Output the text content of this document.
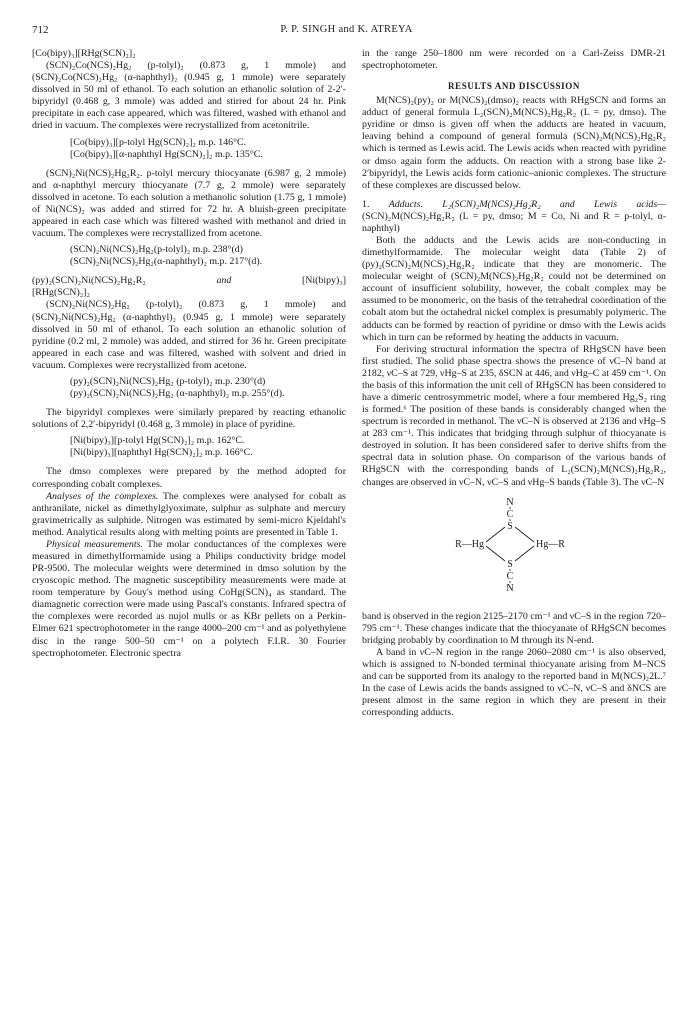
712	P. P. SINGH and K. ATREYA

[Co(bipy)₃][RHg(SCN)₂]₂

(SCN)₂Co(NCS)₂Hg₂ (p-tolyl)₂ (0.873 g, 1 mmole) and (SCN)₂Co(NCS)₂Hg₂ (α-naphthyl)₂ (0.945 g, 1 mmole) were separately dissolved in 50 ml of ethanol. To each solution an ethanolic solution of 2-2′-bipyridyl (0.468 g, 3 mmole) was added and stirred for about 24 hr. Pink precipitate in each case appeared, which was filtered, washed with ethanol and dried in vacuum. The complexes were recrystallized from acetonitrile.

[Co(bipy)₃][p-tolyl Hg(SCN)₂]₂ m.p. 146°C.

[Co(bipy)₃][α-naphthyl Hg(SCN)₂]₂ m.p. 135°C.

(SCN)₂Ni(NCS)₂Hg₂R₂. p-tolyl mercury thiocyanate (6.987 g, 2 mmole) and α-naphthyl mercury thiocyanate (7.7 g, 2 mmole) were separately dissolved in acetone. To each solution a methanolic solution (1.75 g, 1 mmole) of Ni(NCS)₂ was added and stirred for 72 hr. A bluish-green precipitate appeared in each case which was filtered washed with methanol and dried in vacuum. The complexes were recrystallized from acetone.

(SCN)₂Ni(NCS)₂Hg₂(p-tolyl)₂ m.p. 238°(d)

(SCN)₂Ni(NCS)₂Hg₂(α-naphthyl)₂ m.p. 217°(d).

(py)₂(SCN)₂Ni(NCS)₂Hg₂R₂	and	[Ni(bipy)₃]

[RHg(SCN)₂]₂

(SCN)₂Ni(NCS)₂Hg₂ (p-tolyl)₂ (0.873 g, 1 mmole) and (SCN)₂Ni(NCS)₂Hg₂ (α-naphthyl)₂ (0.945 g, 1 mmole) were separately dissolved in 50 ml of ethanol. To each solution an ethanolic solution of pyridine (0.2 ml, 2 mmole) was added, and stirred for 36 hr. Green precipitate appeared in each case and was filtered, washed with solvent and dried in vacuum. Complexes were recrystallized from acetone.

(py)₂(SCN)₂Ni(NCS)₂Hg₂ (p-tolyl)₂ m.p. 230°(d)

(py)₂(SCN)₂Ni(NCS)₂Hg₂ (α-naphthyl)₂ m.p. 255°(d).

The bipyridyl complexes were similarly prepared by reacting ethanolic solutions of 2,2′-bipyridyl (0.468 g, 3 mmole) in place of pyridine.

[Ni(bipy)₃][p-tolyl Hg(SCN)₂]₂ m.p. 162°C.

[Ni(bipy)₃][naphthyl Hg(SCN)₂]₂ m.p. 166°C.

The dmso complexes were prepared by the method adopted for corresponding cobalt complexes.

Analyses of the complexes. The complexes were analysed for cobalt as anthranilate, nickel as dimethylglyoximate, sulphur as sulphate and mercury gravimetrically as sulphide. Nitrogen was estimated by semi-micro Kjeldahl's method. Analytical results along with melting points are presented in Table 1.

Physical measurements. The molar conductances of the complexes were measured in dimethylformamide using a Philips conductivity bridge model PR-9500. The molecular weights were determined in dmso solution by the cryoscopic method. The magnetic susceptibility measurements were made at room temperature by Gouy's method using CoHg(SCN)₄ as standard. The diamagnetic correction were made using Pascal's constants. Infrared spectra of the complexes were recorded as nujol mulls or as KBr pellets on a Perkin-Elmer 621 spectrophotometer in the range 4000–200 cm⁻¹ and as polyethylene disc in the range 500–50 cm⁻¹ on a polytech F.I.R. 30 Fourier spectrophotometer. Electronic spectra

in the range 250–1800 nm were recorded on a Carl-Zeiss DMR-21 spectrophotometer.

RESULTS AND DISCUSSION

M(NCS)₂(py)₂ or M(NCS)₂(dmso)₂ reacts with RHgSCN and forms an adduct of general formula L₂(SCN)₂M(NCS)₂Hg₂R₂ (L = py, dmso). The pyridine or dmso is given off when the adducts are heated in vacuum, leaving behind a compound of general formula (SCN)₂M(NCS)₂Hg₂R₂ which is termed as Lewis acid. The Lewis acids when reacted with pyridine or dmso again form the adducts. On reaction with a strong base like 2-2′bipyridyl, the Lewis acids form cationic–anionic complexes. The structure of these complexes are discussed below.

1. Adducts. L₂(SCN)₂M(NCS)₂Hg₂R₂ and Lewis acids— (SCN)₂M(NCS)₂Hg₂R₂ (L = py, dmso; M = Co, Ni and R = p-tolyl, α-naphthyl)

Both the adducts and the Lewis acids are non-conducting in dimethylformamide. The molecular weight data (Table 2) of (py)₂(SCN)₂M(NCS)₂Hg₂R₂ indicate that they are monomeric. The molecular weight of (SCN)₂M(NCS)₂Hg₂R₂ could not be determined on account of insufficient solubility, however, the cobalt complex may be assumed to be monomeric, on the basis of the tetrahedral coordination of the cobalt atom but the octahedral nickel complex is presumably polymeric. The adducts can be formed by reaction of pyridine or dmso with the Lewis acids which in turn can be reformed by heating the adducts in vacuum.

For deriving structural information the spectra of RHgSCN have been first studied. The solid phase spectra shows the presence of νC–N band at 2182, νC–S at 729, νHg–S at 235, δSCN at 446, and νHg–C at 459 cm⁻¹. On the basis of this information the unit cell of RHgSCN has been considered to have a dimeric centrosymmetric model, where a four membered Hg₂S₂ ring is formed.⁶ The position of these bands is considerably changed when the spectrum is recorded in methanol. The νC–N is observed at 2136 and νHg–S at 283 cm⁻¹. This indicates that bridging through sulphur of thiocyanate is destroyed in solution. It has been considered safer to derive shifts from the spectral data in solution phase. On comparison of the various bands of RHgSCN with the corresponding bands of L₂(SCN)₂M(NCS)₂Hg₂R₂, changes are observed in νC–N, νC–S and νHg–S bands (Table 3). The νC–N

N
C
S
R—Hg	Hg—R
S
C
N

band is observed in the region 2125–2170 cm⁻¹ and νC–S in the region 720–795 cm⁻¹. These changes indicate that the thiocyanate of RHgSCN becomes bridging probably by coordination to M through its N-end.

A band in νC–N region in the range 2060–2080 cm⁻¹ is also observed, which is assigned to N-bonded terminal thiocyanate arising from M–NCS and can be supported from its analogy to the reported band in M(NCS)₂2L.⁷ In the case of Lewis acids the bands assigned to νC–N, νC–S and δNCS are present almost in the same region in which they are present in their corresponding adducts.
